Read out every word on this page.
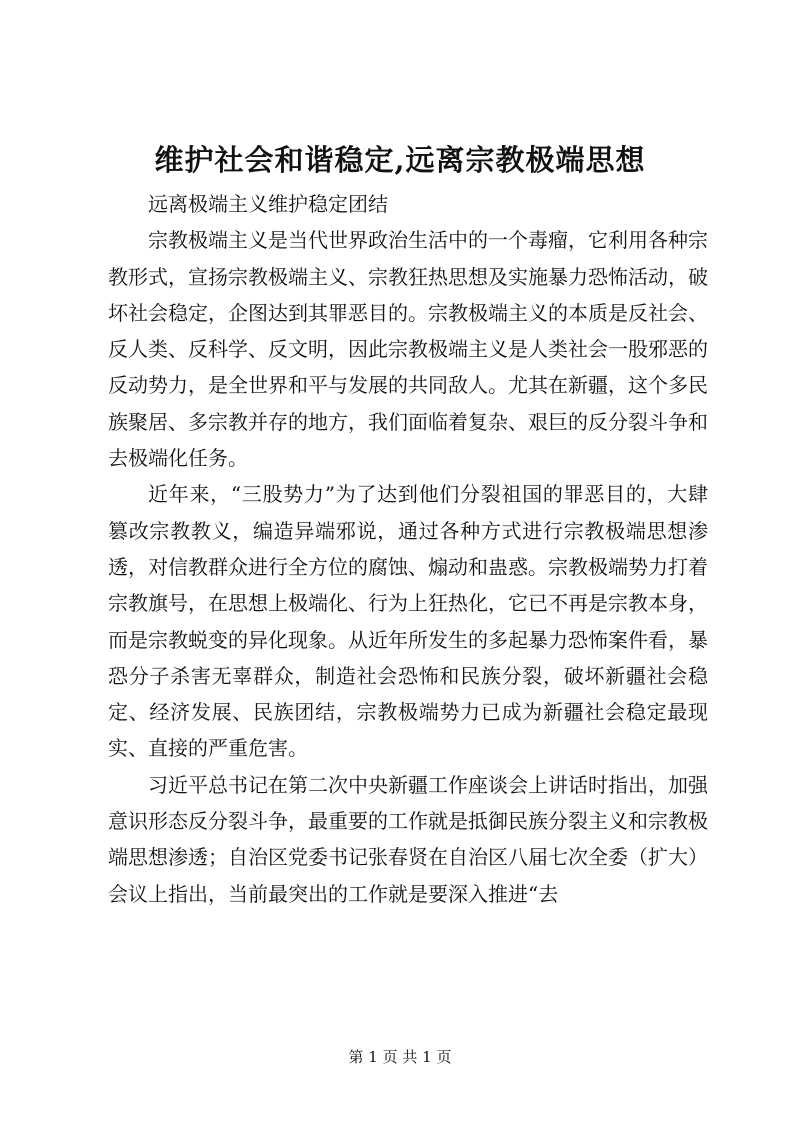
维护社会和谐稳定,远离宗教极端思想

远离极端主义维护稳定团结

宗教极端主义是当代世界政治生活中的一个毒瘤，它利用各种宗教形式，宣扬宗教极端主义、宗教狂热思想及实施暴力恐怖活动，破坏社会稳定，企图达到其罪恶目的。宗教极端主义的本质是反社会、反人类、反科学、反文明，因此宗教极端主义是人类社会一股邪恶的反动势力，是全世界和平与发展的共同敌人。尤其在新疆，这个多民族聚居、多宗教并存的地方，我们面临着复杂、艰巨的反分裂斗争和去极端化任务。

近年来，“三股势力”为了达到他们分裂祖国的罪恶目的，大肆篡改宗教教义，编造异端邪说，通过各种方式进行宗教极端思想渗透，对信教群众进行全方位的腐蚀、煽动和蛊惑。宗教极端势力打着宗教旗号，在思想上极端化、行为上狂热化，它已不再是宗教本身，而是宗教蜕变的异化现象。从近年所发生的多起暴力恐怖案件看，暴恐分子杀害无辜群众，制造社会恐怖和民族分裂，破坏新疆社会稳定、经济发展、民族团结，宗教极端势力已成为新疆社会稳定最现实、直接的严重危害。

习近平总书记在第二次中央新疆工作座谈会上讲话时指出，加强意识形态反分裂斗争，最重要的工作就是抵御民族分裂主义和宗教极端思想渗透；自治区党委书记张春贤在自治区八届七次全委（扩大）会议上指出，当前最突出的工作就是要深入推进“去

第 1 页 共 1 页
